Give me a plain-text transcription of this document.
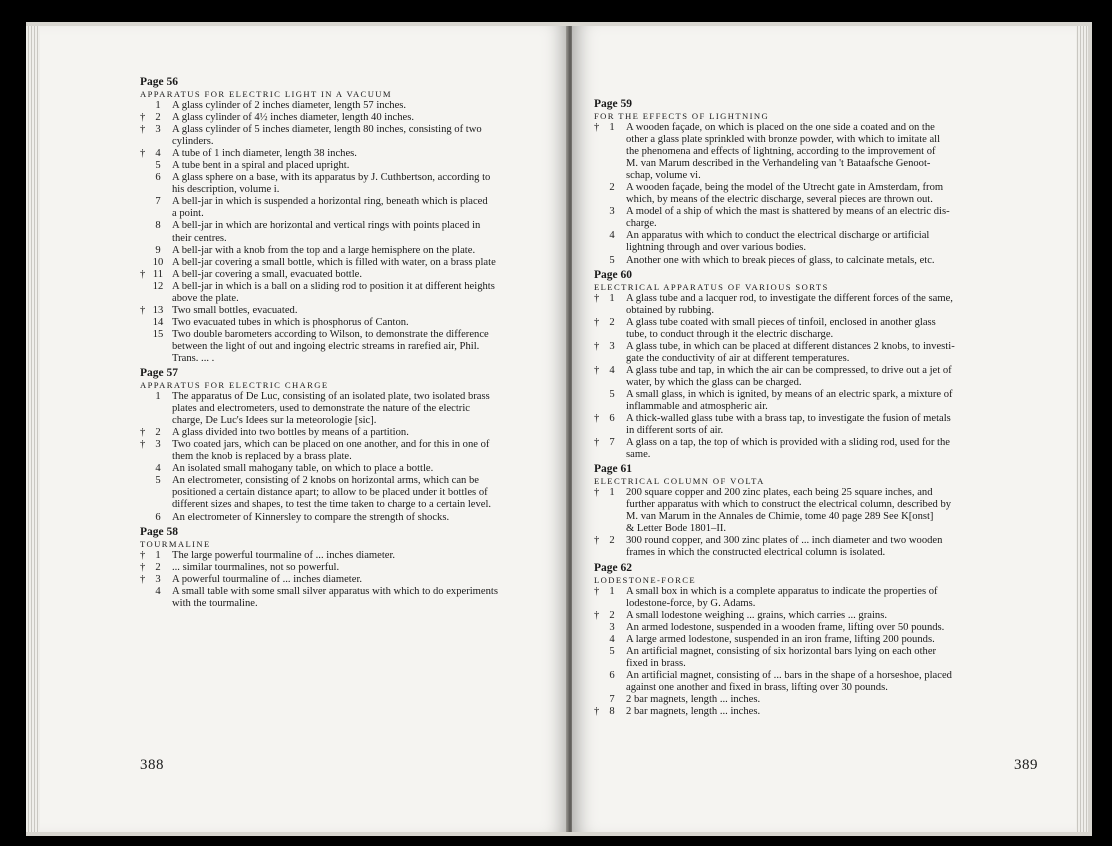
Page 56
APPARATUS FOR ELECTRIC LIGHT IN A VACUUM
1	A glass cylinder of 2 inches diameter, length 57 inches.
† 2	A glass cylinder of 4½ inches diameter, length 40 inches.
† 3	A glass cylinder of 5 inches diameter, length 80 inches, consisting of two
cylinders.
† 4	A tube of 1 inch diameter, length 38 inches.
5	A tube bent in a spiral and placed upright.
6	A glass sphere on a base, with its apparatus by J. Cuthbertson, according to
his description, volume i.
7	A bell-jar in which is suspended a horizontal ring, beneath which is placed
a point.
8	A bell-jar in which are horizontal and vertical rings with points placed in
their centres.
9	A bell-jar with a knob from the top and a large hemisphere on the plate.
10 A bell-jar covering a small bottle, which is filled with water, on a brass plate
† 11 A bell-jar covering a small, evacuated bottle.
12 A bell-jar in which is a ball on a sliding rod to position it at different heights
above the plate.
† 13 Two small bottles, evacuated.
14 Two evacuated tubes in which is phosphorus of Canton.
15 Two double barometers according to Wilson, to demonstrate the difference
between the light of out and ingoing electric streams in rarefied air, Phil.
Trans. ... .
Page 57
APPARATUS FOR ELECTRIC CHARGE
1	The apparatus of De Luc, consisting of an isolated plate, two isolated brass
plates and electrometers, used to demonstrate the nature of the electric
charge, De Luc's Idees sur la meteorologie [sic].
† 2	A glass divided into two bottles by means of a partition.
† 3	Two coated jars, which can be placed on one another, and for this in one of
them the knob is replaced by a brass plate.
4	An isolated small mahogany table, on which to place a bottle.
5	An electrometer, consisting of 2 knobs on horizontal arms, which can be
positioned a certain distance apart; to allow to be placed under it bottles of
different sizes and shapes, to test the time taken to charge to a certain level.
6	An electrometer of Kinnersley to compare the strength of shocks.
Page 58
TOURMALINE
† 1	The large powerful tourmaline of ... inches diameter.
† 2	... similar tourmalines, not so powerful.
† 3	A powerful tourmaline of ... inches diameter.
4	A small table with some small silver apparatus with which to do experiments
with the tourmaline.
388
Page 59
FOR THE EFFECTS OF LIGHTNING
† 1	A wooden façade, on which is placed on the one side a coated and on the
other a glass plate sprinkled with bronze powder, with which to imitate all
the phenomena and effects of lightning, according to the improvement of
M. van Marum described in the Verhandeling van 't Bataafsche Genoot-
schap, volume vi.
2	A wooden façade, being the model of the Utrecht gate in Amsterdam, from
which, by means of the electric discharge, several pieces are thrown out.
3	A model of a ship of which the mast is shattered by means of an electric dis-
charge.
4	An apparatus with which to conduct the electrical discharge or artificial
lightning through and over various bodies.
5	Another one with which to break pieces of glass, to calcinate metals, etc.
Page 60
ELECTRICAL APPARATUS OF VARIOUS SORTS
† 1	A glass tube and a lacquer rod, to investigate the different forces of the same,
obtained by rubbing.
† 2	A glass tube coated with small pieces of tinfoil, enclosed in another glass
tube, to conduct through it the electric discharge.
† 3	A glass tube, in which can be placed at different distances 2 knobs, to investi-
gate the conductivity of air at different temperatures.
† 4	A glass tube and tap, in which the air can be compressed, to drive out a jet of
water, by which the glass can be charged.
5	A small glass, in which is ignited, by means of an electric spark, a mixture of
inflammable and atmospheric air.
† 6	A thick-walled glass tube with a brass tap, to investigate the fusion of metals
in different sorts of air.
† 7	A glass on a tap, the top of which is provided with a sliding rod, used for the
same.
Page 61
ELECTRICAL COLUMN OF VOLTA
† 1	200 square copper and 200 zinc plates, each being 25 square inches, and
further apparatus with which to construct the electrical column, described by
M. van Marum in the Annales de Chimie, tome 40 page 289 See K[onst]
& Letter Bode 1801–II.
† 2	300 round copper, and 300 zinc plates of ... inch diameter and two wooden
frames in which the constructed electrical column is isolated.
Page 62
LODESTONE-FORCE
† 1	A small box in which is a complete apparatus to indicate the properties of
lodestone-force, by G. Adams.
† 2	A small lodestone weighing ... grains, which carries ... grains.
3	An armed lodestone, suspended in a wooden frame, lifting over 50 pounds.
4	A large armed lodestone, suspended in an iron frame, lifting 200 pounds.
5	An artificial magnet, consisting of six horizontal bars lying on each other
fixed in brass.
6	An artificial magnet, consisting of ... bars in the shape of a horseshoe, placed
against one another and fixed in brass, lifting over 30 pounds.
7	2 bar magnets, length ... inches.
† 8	2 bar magnets, length ... inches.
389
